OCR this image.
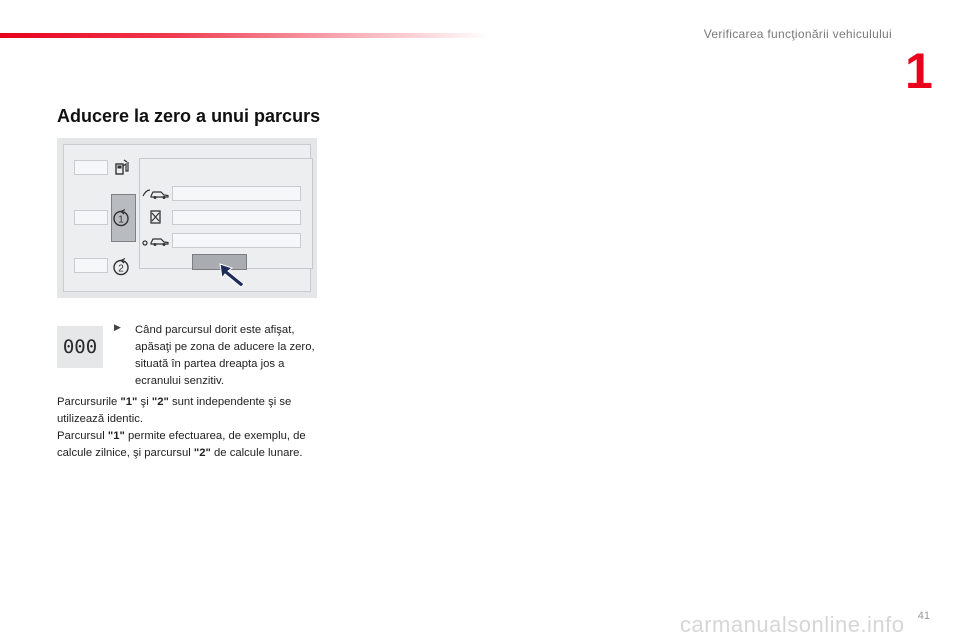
Verificarea funcţionării vehiculului
1
Aducere la zero a unui parcurs
1
2
000
▶ Când parcursul dorit este afişat, apăsaţi pe zona de aducere la zero, situată în partea dreapta jos a ecranului senzitiv.

Parcursurile "1" şi "2" sunt independente şi se utilizează identic.
Parcursul "1" permite efectuarea, de exemplu, de calcule zilnice, şi parcursul "2" de calcule lunare.
carmanualsonline.info 41
